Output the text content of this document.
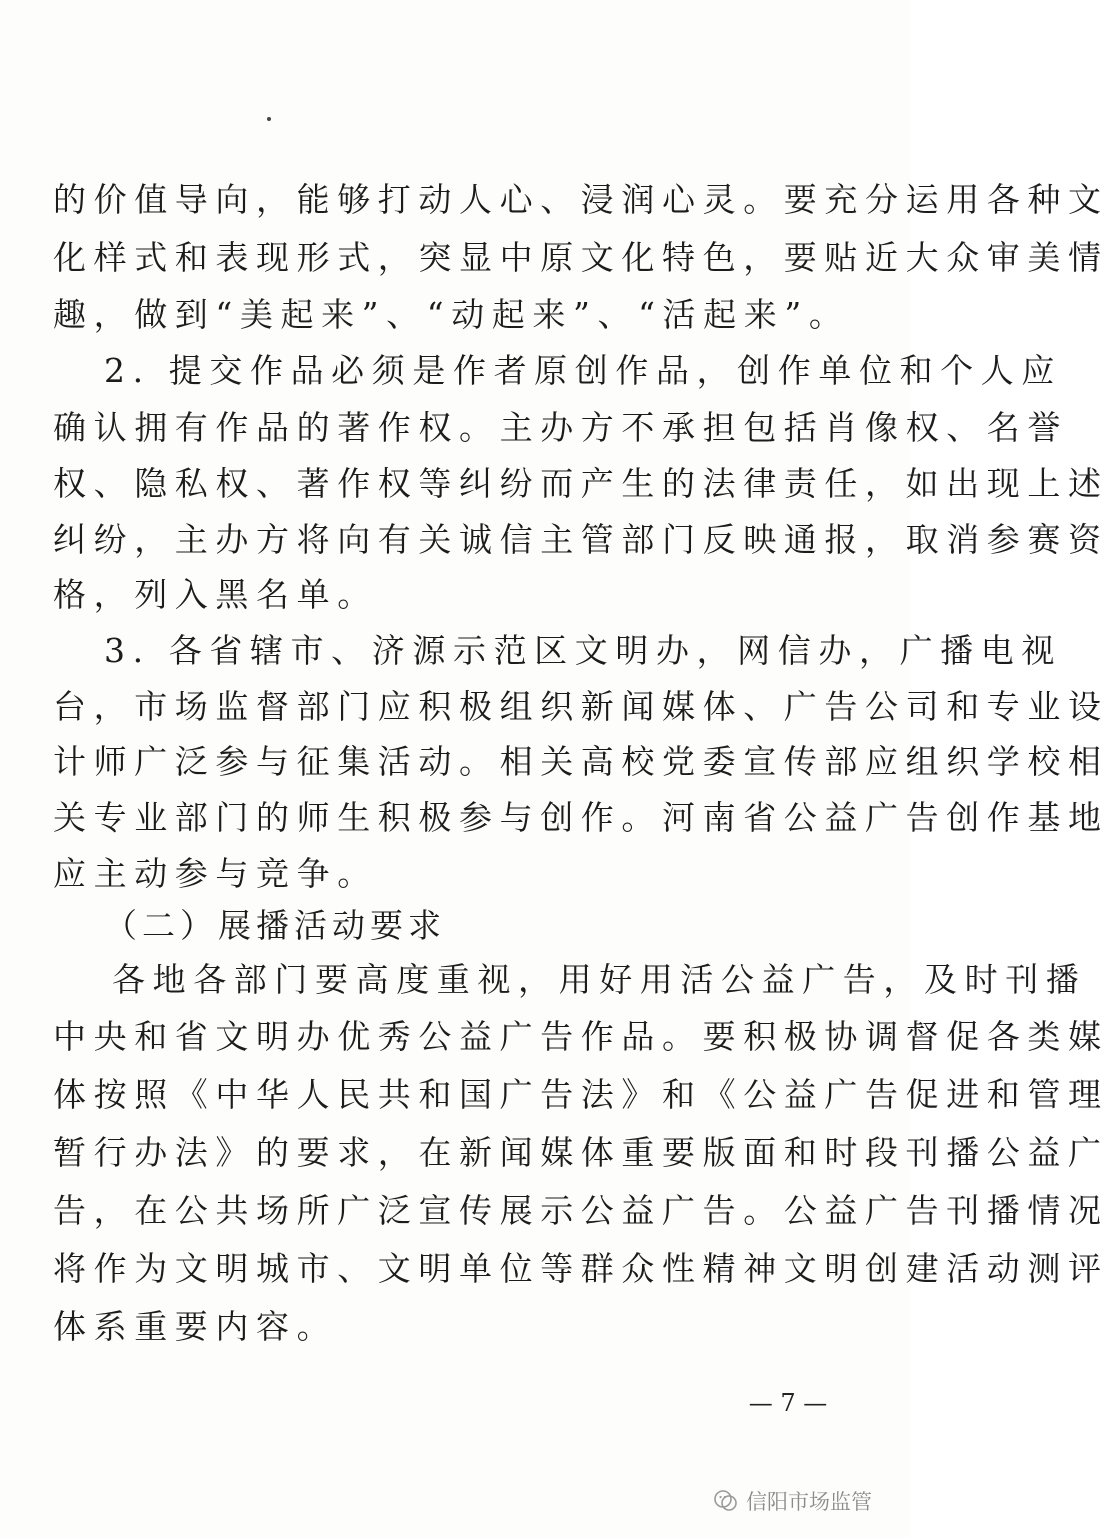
的价值导向，能够打动人心、浸润心灵。要充分运用各种文
化样式和表现形式，突显中原文化特色，要贴近大众审美情
趣，做到“美起来”、“动起来”、“活起来”。
2. 提交作品必须是作者原创作品，创作单位和个人应
确认拥有作品的著作权。主办方不承担包括肖像权、名誉
权、隐私权、著作权等纠纷而产生的法律责任，如出现上述
纠纷，主办方将向有关诚信主管部门反映通报，取消参赛资
格，列入黑名单。
3. 各省辖市、济源示范区文明办，网信办，广播电视
台，市场监督部门应积极组织新闻媒体、广告公司和专业设
计师广泛参与征集活动。相关高校党委宣传部应组织学校相
关专业部门的师生积极参与创作。河南省公益广告创作基地
应主动参与竞争。
（二）展播活动要求
各地各部门要高度重视，用好用活公益广告，及时刊播
中央和省文明办优秀公益广告作品。要积极协调督促各类媒
体按照《中华人民共和国广告法》和《公益广告促进和管理
暂行办法》的要求，在新闻媒体重要版面和时段刊播公益广
告，在公共场所广泛宣传展示公益广告。公益广告刊播情况
将作为文明城市、文明单位等群众性精神文明创建活动测评
体系重要内容。
— 7 —
信阳市场监管
